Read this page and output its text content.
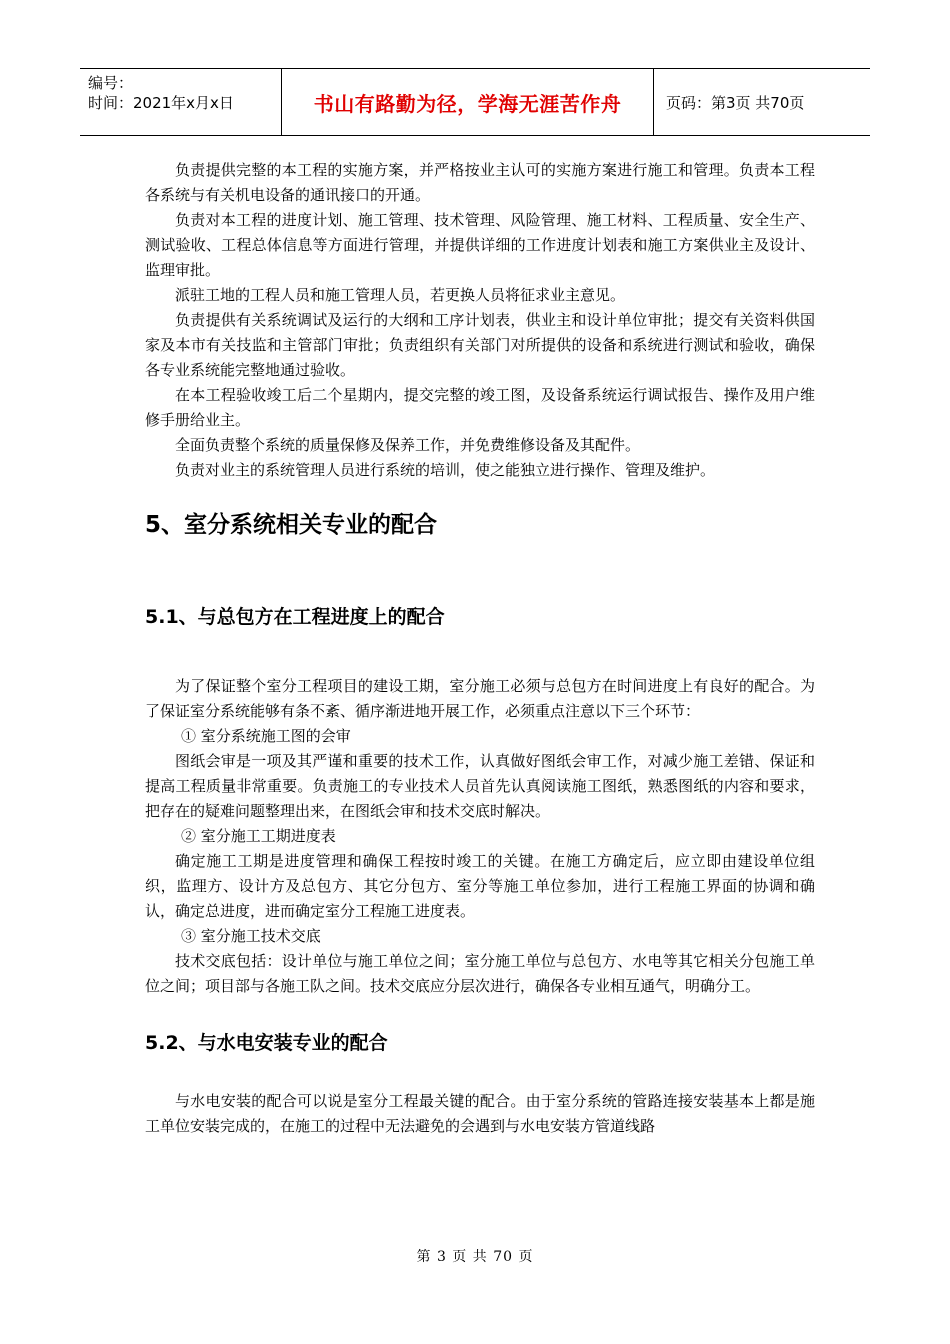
编号：
时间：2021年x月x日	书山有路勤为径，学海无涯苦作舟	页码：第3页 共70页

负责提供完整的本工程的实施方案，并严格按业主认可的实施方案进行施工和管理。负责本工程各系统与有关机电设备的通讯接口的开通。

负责对本工程的进度计划、施工管理、技术管理、风险管理、施工材料、工程质量、安全生产、测试验收、工程总体信息等方面进行管理，并提供详细的工作进度计划表和施工方案供业主及设计、监理审批。

派驻工地的工程人员和施工管理人员，若更换人员将征求业主意见。

负责提供有关系统调试及运行的大纲和工序计划表，供业主和设计单位审批；提交有关资料供国家及本市有关技监和主管部门审批；负责组织有关部门对所提供的设备和系统进行测试和验收，确保各专业系统能完整地通过验收。

在本工程验收竣工后二个星期内，提交完整的竣工图，及设备系统运行调试报告、操作及用户维修手册给业主。

全面负责整个系统的质量保修及保养工作，并免费维修设备及其配件。

负责对业主的系统管理人员进行系统的培训，使之能独立进行操作、管理及维护。

5、室分系统相关专业的配合
5.1、与总包方在工程进度上的配合

为了保证整个室分工程项目的建设工期，室分施工必须与总包方在时间进度上有良好的配合。为了保证室分系统能够有条不紊、循序渐进地开展工作，必须重点注意以下三个环节：

① 室分系统施工图的会审

图纸会审是一项及其严谨和重要的技术工作，认真做好图纸会审工作，对减少施工差错、保证和提高工程质量非常重要。负责施工的专业技术人员首先认真阅读施工图纸，熟悉图纸的内容和要求，把存在的疑难问题整理出来，在图纸会审和技术交底时解决。

② 室分施工工期进度表

确定施工工期是进度管理和确保工程按时竣工的关键。在施工方确定后，应立即由建设单位组织，监理方、设计方及总包方、其它分包方、室分等施工单位参加，进行工程施工界面的协调和确认，确定总进度，进而确定室分工程施工进度表。

③ 室分施工技术交底

技术交底包括：设计单位与施工单位之间；室分施工单位与总包方、水电等其它相关分包施工单位之间；项目部与各施工队之间。技术交底应分层次进行，确保各专业相互通气，明确分工。

5.2、与水电安装专业的配合

与水电安装的配合可以说是室分工程最关键的配合。由于室分系统的管路连接安装基本上都是施工单位安装完成的，在施工的过程中无法避免的会遇到与水电安装方管道线路

第 3 页 共 70 页
